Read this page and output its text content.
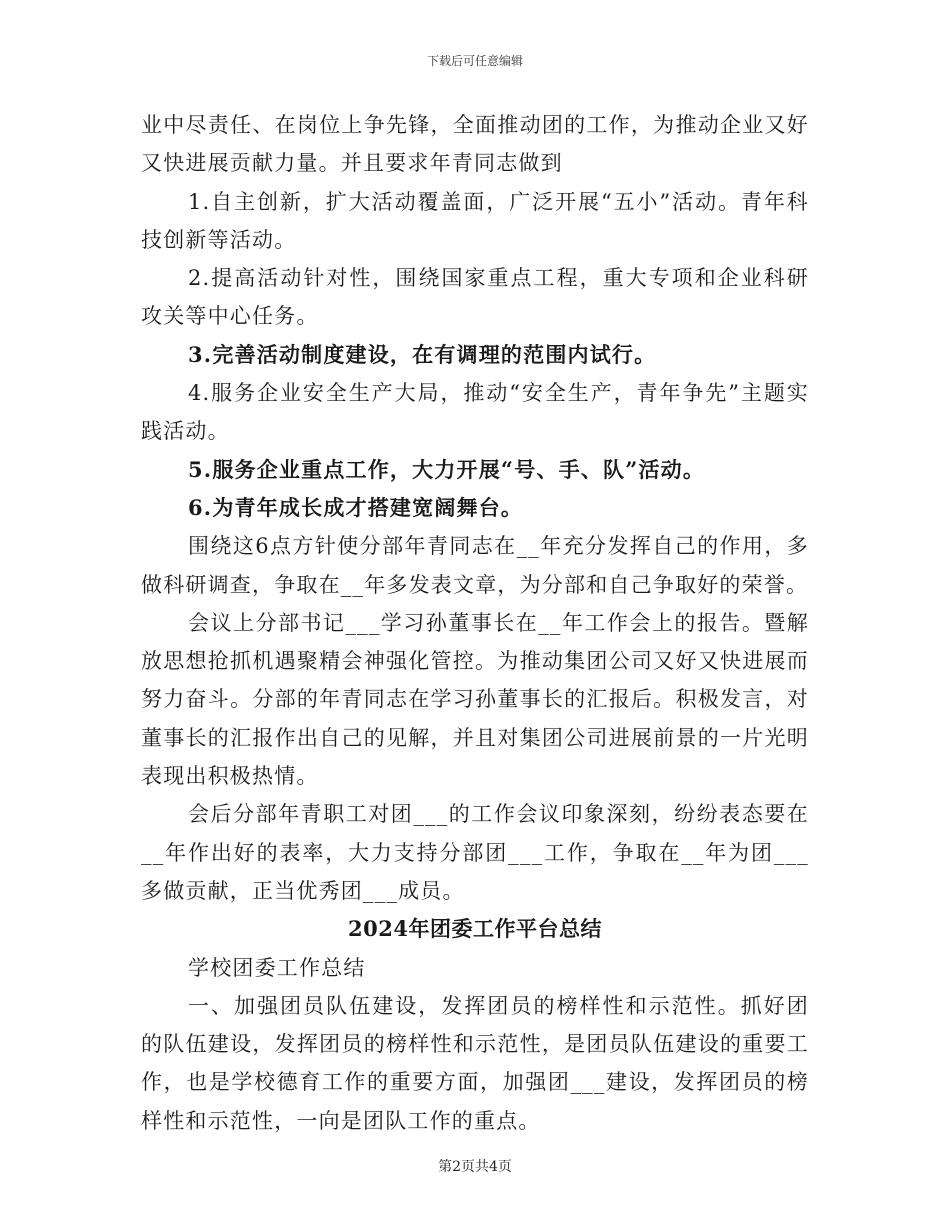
下载后可任意编辑

业中尽责任、在岗位上争先锋，全面推动团的工作，为推动企业又好又快进展贡献力量。并且要求年青同志做到

1.自主创新，扩大活动覆盖面，广泛开展“五小”活动。青年科技创新等活动。

2.提高活动针对性，围绕国家重点工程，重大专项和企业科研攻关等中心任务。

3.完善活动制度建设，在有调理的范围内试行。

4.服务企业安全生产大局，推动“安全生产，青年争先”主题实践活动。

5.服务企业重点工作，大力开展“号、手、队”活动。

6.为青年成长成才搭建宽阔舞台。

围绕这6点方针使分部年青同志在__年充分发挥自己的作用，多做科研调查，争取在__年多发表文章，为分部和自己争取好的荣誉。

会议上分部书记___学习孙董事长在__年工作会上的报告。暨解放思想抢抓机遇聚精会神强化管控。为推动集团公司又好又快进展而努力奋斗。分部的年青同志在学习孙董事长的汇报后。积极发言，对董事长的汇报作出自己的见解，并且对集团公司进展前景的一片光明表现出积极热情。

会后分部年青职工对团___的工作会议印象深刻，纷纷表态要在__年作出好的表率，大力支持分部团___工作，争取在__年为团___多做贡献，正当优秀团___成员。

2024年团委工作平台总结

学校团委工作总结

一、加强团员队伍建设，发挥团员的榜样性和示范性。抓好团的队伍建设，发挥团员的榜样性和示范性，是团员队伍建设的重要工作，也是学校德育工作的重要方面，加强团___建设，发挥团员的榜样性和示范性，一向是团队工作的重点。

第2页共4页
